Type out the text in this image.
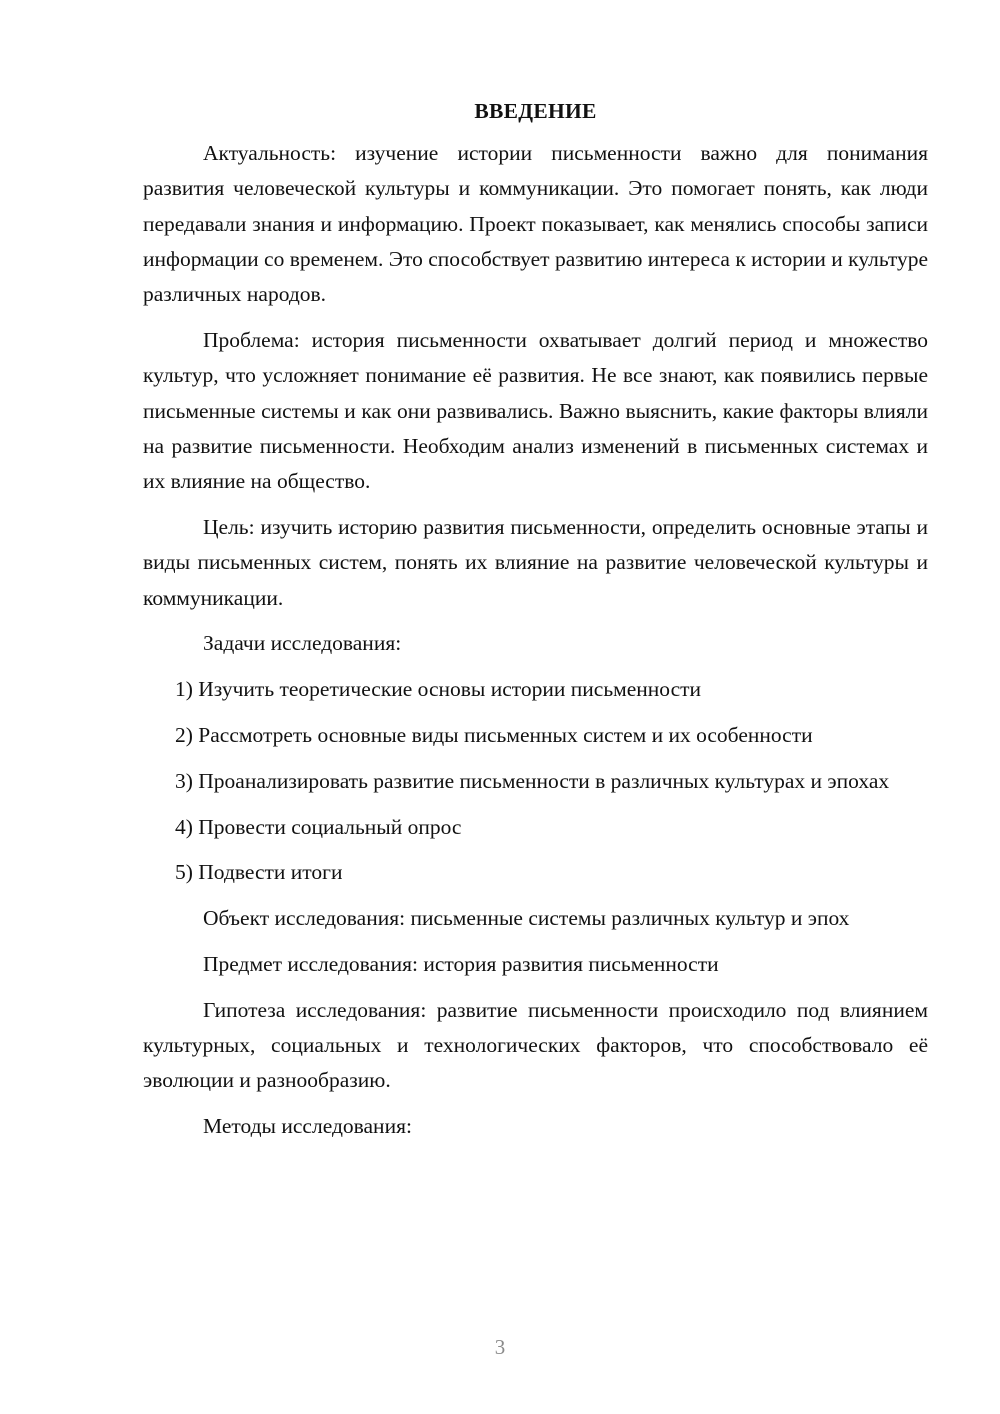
ВВЕДЕНИЕ

Актуальность: изучение истории письменности важно для понимания развития человеческой культуры и коммуникации. Это помогает понять, как люди передавали знания и информацию. Проект показывает, как менялись способы записи информации со временем. Это способствует развитию интереса к истории и культуре различных народов.

Проблема: история письменности охватывает долгий период и множество культур, что усложняет понимание её развития. Не все знают, как появились первые письменные системы и как они развивались. Важно выяснить, какие факторы влияли на развитие письменности. Необходим анализ изменений в письменных системах и их влияние на общество.

Цель: изучить историю развития письменности, определить основные этапы и виды письменных систем, понять их влияние на развитие человеческой культуры и коммуникации.

Задачи исследования:

1) Изучить теоретические основы истории письменности

2) Рассмотреть основные виды письменных систем и их особенности

3) Проанализировать развитие письменности в различных культурах и эпохах

4) Провести социальный опрос

5) Подвести итоги

Объект исследования: письменные системы различных культур и эпох

Предмет исследования: история развития письменности

Гипотеза исследования: развитие письменности происходило под влиянием культурных, социальных и технологических факторов, что способствовало её эволюции и разнообразию.

Методы исследования:

3
